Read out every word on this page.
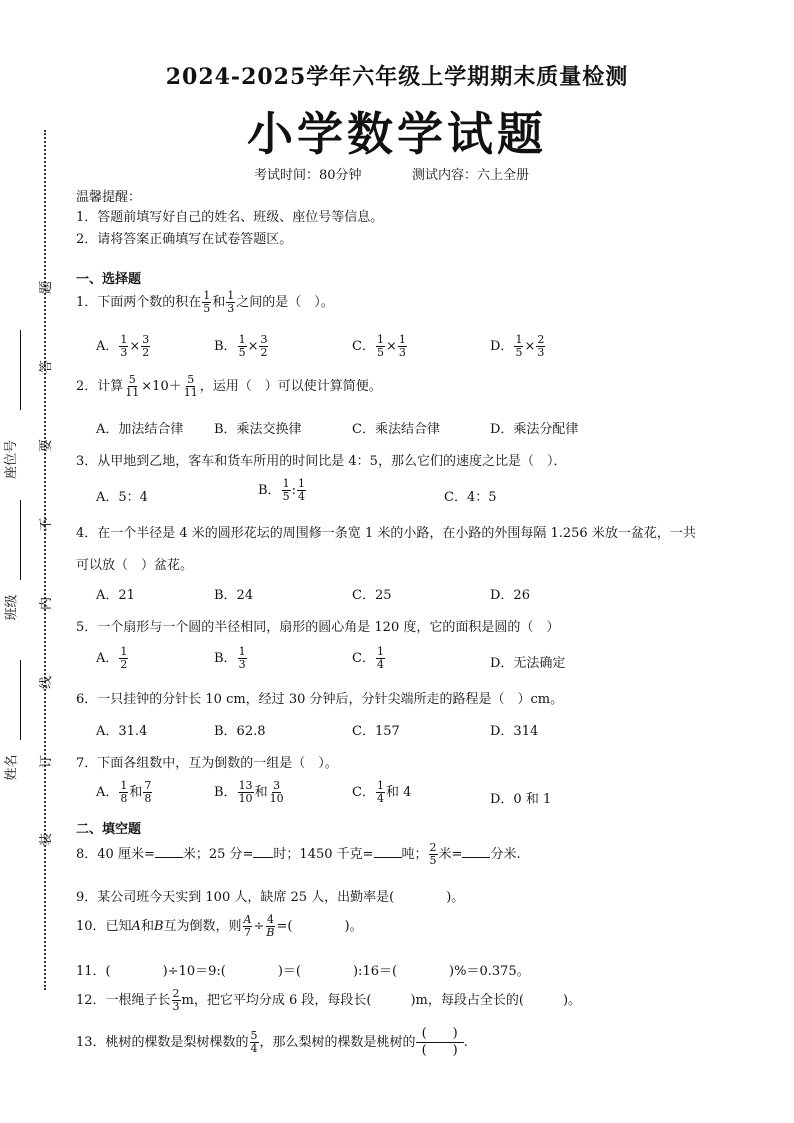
座位号
班级
姓名
装
订
线
内
不
要
答
题
2024-2025学年六年级上学期期末质量检测
小学数学试题
考试时间：80分钟	测试内容：六上全册
温馨提醒：
1．答题前填写好自己的姓名、班级、座位号等信息。
2．请将答案正确填写在试卷答题区。
一、选择题
1．下面两个数的积在 $\frac{1}{5}$ 和 $\frac{1}{3}$ 之间的是（　）。
A． $\frac{1}{3} \times \frac{3}{2}$	B． $\frac{1}{5} \times \frac{3}{2}$	C． $\frac{1}{5} \times \frac{1}{3}$	D． $\frac{1}{5} \times \frac{2}{3}$
2．计算 $\frac{5}{11} \times 10+ \frac{5}{11}$ ，运用（　）可以使计算简便。
A．加法结合律 B．乘法交换律	C．乘法结合律	D．乘法分配律
3．从甲地到乙地，客车和货车所用的时间比是 4：5，那么它们的速度之比是（　）．
A．5：4	B． $\frac{1}{5}$ : $\frac{1}{4}$	C．4：5
4．在一个半径是 4 米的圆形花坛的周围修一条宽 1 米的小路，在小路的外围每隔 1.256 米放一盆花，一共
可以放（　）盆花。
A．21	B．24	C．25	D．26
5．一个扇形与一个圆的半径相同，扇形的圆心角是 120 度，它的面积是圆的（　）
A． $\frac{1}{2}$	B． $\frac{1}{3}$	C． $\frac{1}{4}$	D．无法确定
6．一只挂钟的分针长 10 cm，经过 30 分钟后，分针尖端所走的路程是（　）cm。
A．31.4	B．62.8	C．157	D．314
7．下面各组数中，互为倒数的一组是（　）。
A． $\frac{1}{8}$ 和 $\frac{7}{8}$	B． $\frac{13}{10}$ 和 $\frac{3}{10}$	C． $\frac{1}{4}$ 和 4	D．0 和 1
二、填空题
8．40 厘米= 米；25 分= 时；1450 千克= 吨； $\frac{2}{5}$ 米= 分米.
9．某公司班今天实到 100 人，缺席 25 人，出勤率是(　　　　)。
10．已知A和B互为倒数，则 $\frac{A}{7} \div \frac{4}{B}$ =(　　　　)。
11．(　　　　)÷10＝9:(　　　　)＝(　　　　):16＝(　　　　)%＝0.375。
12．一根绳子长 $\frac{2}{3}$ m，把它平均分成 6 段，每段长(　　　)m，每段占全长的(　　　)。
13．桃树的棵数是梨树棵数的 $\frac{5}{4}$ ，那么梨树的棵数是桃树的 $\frac{( )}{( )}$ .
